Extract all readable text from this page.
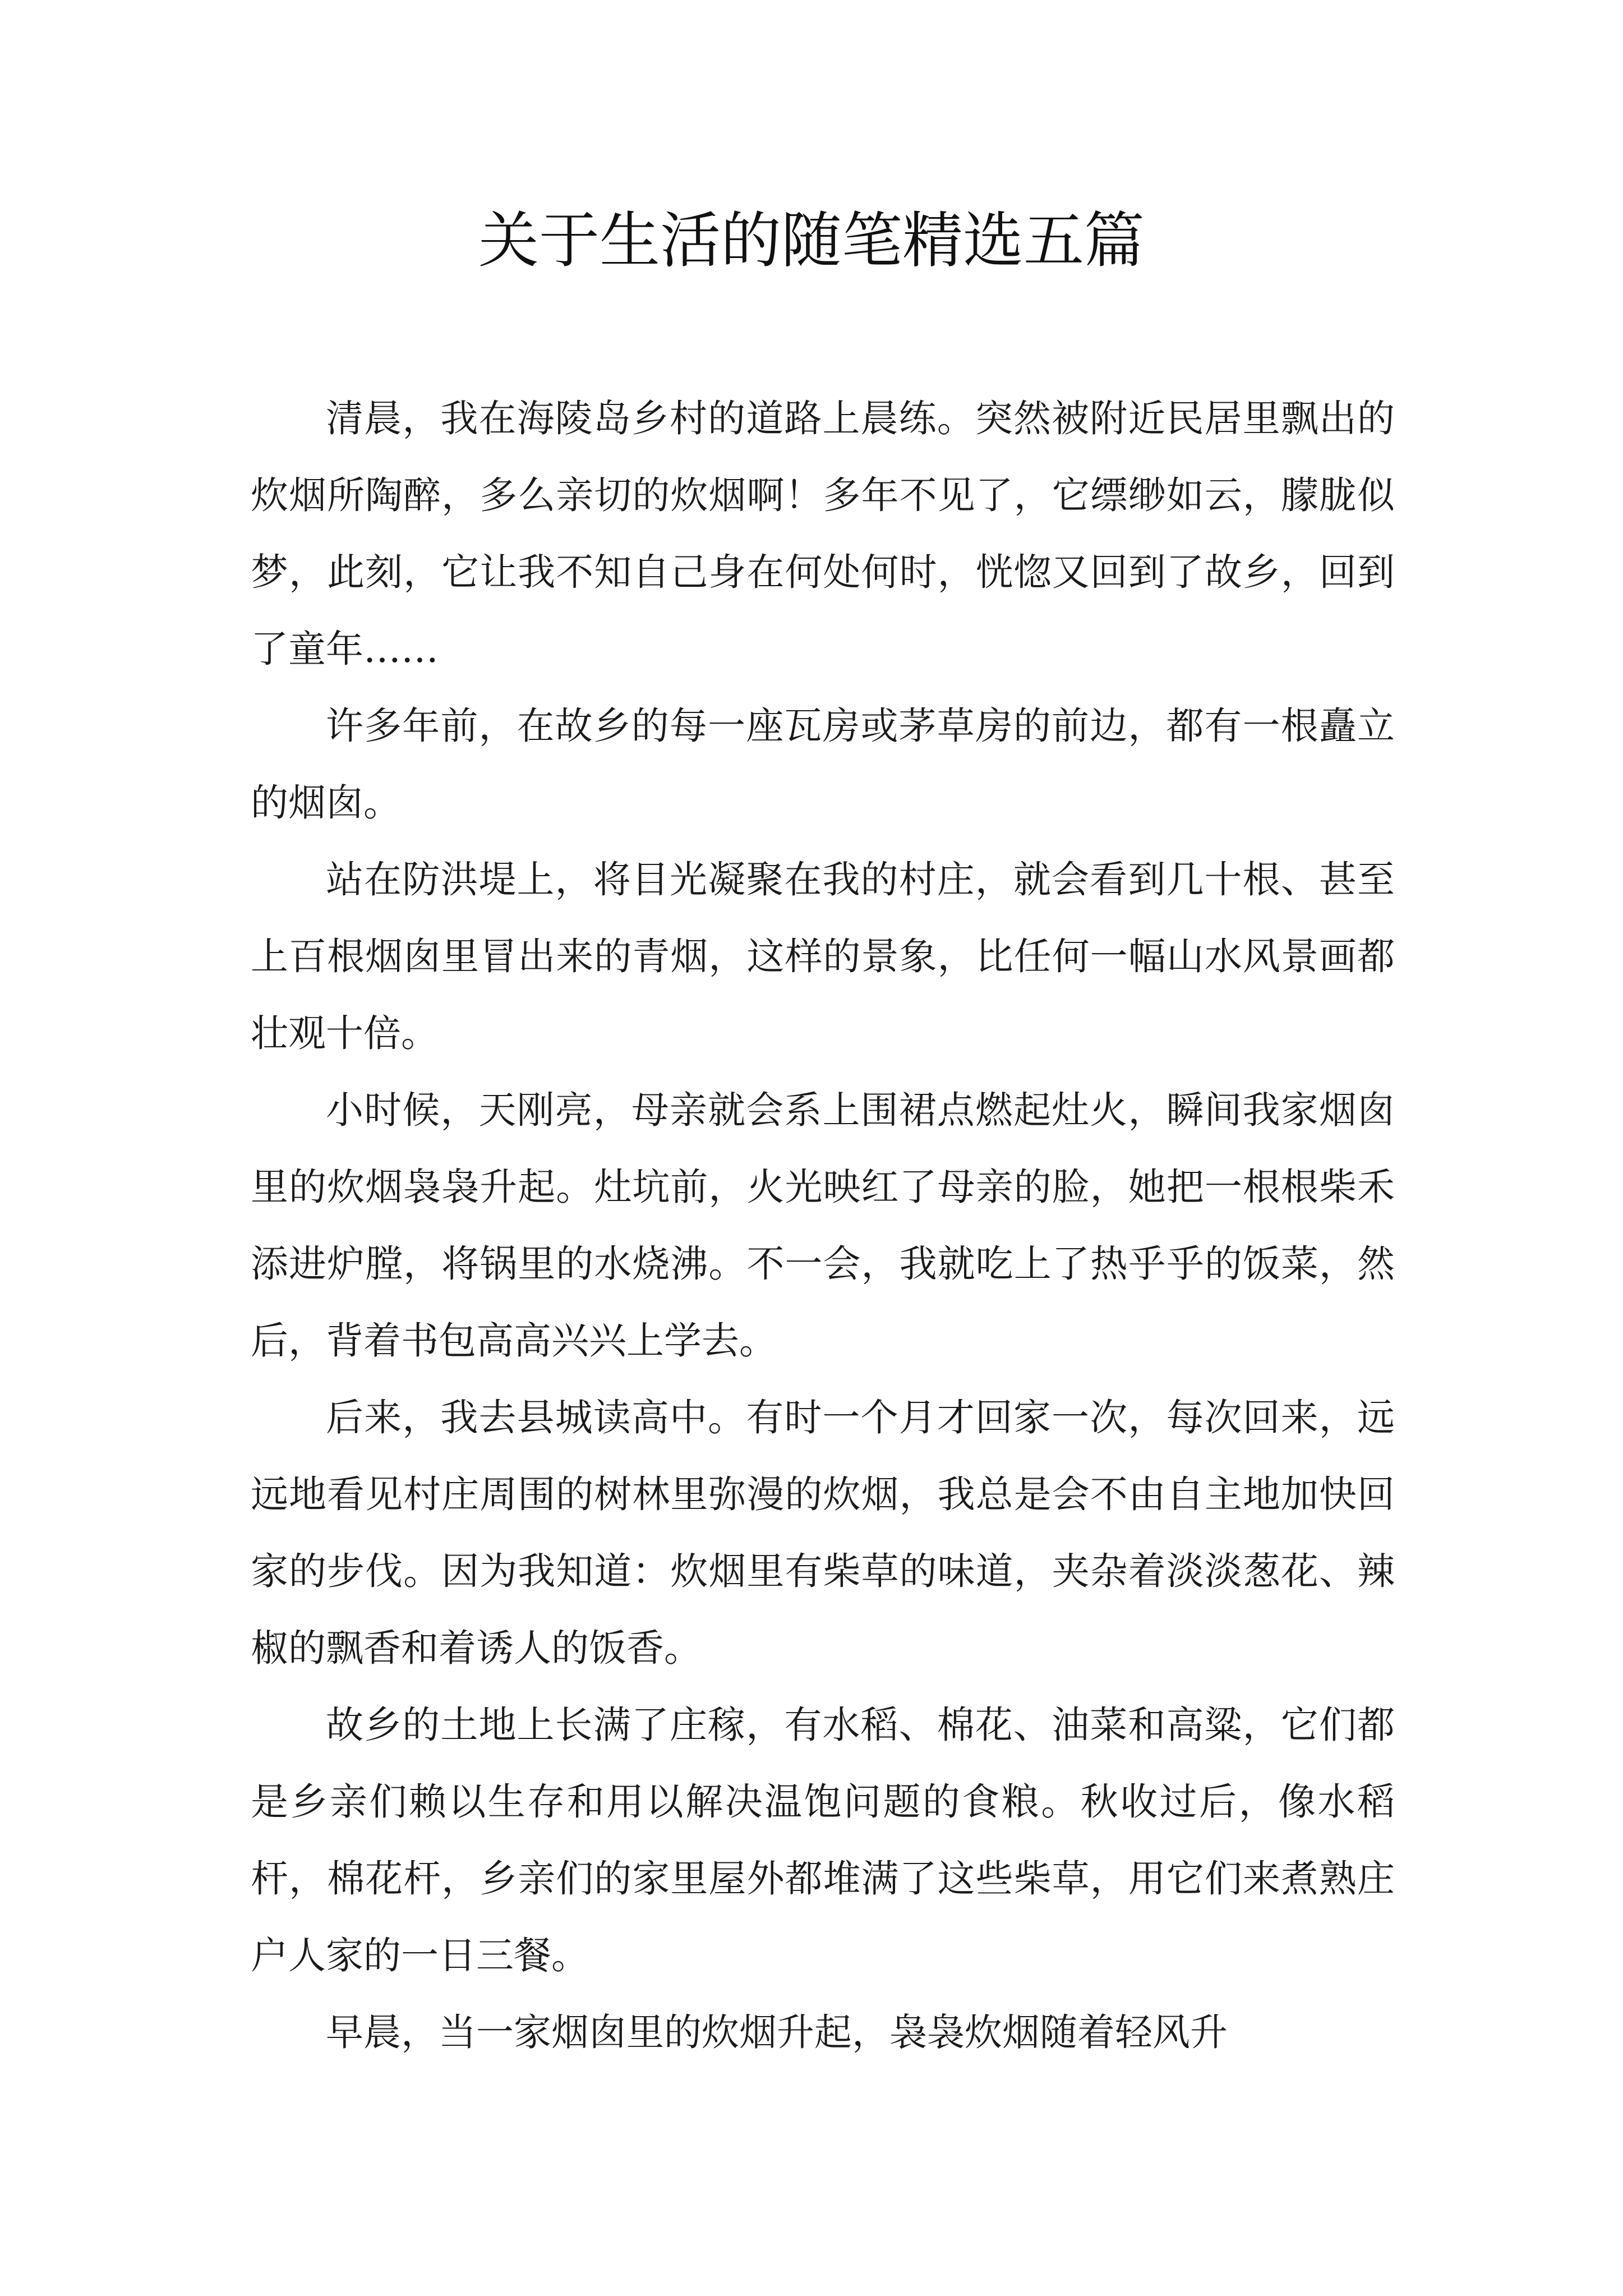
关于生活的随笔精选五篇

清晨，我在海陵岛乡村的道路上晨练。突然被附近民居里飘出的炊烟所陶醉，多么亲切的炊烟啊！多年不见了，它缥缈如云，朦胧似梦，此刻，它让我不知自己身在何处何时，恍惚又回到了故乡，回到了童年……

许多年前，在故乡的每一座瓦房或茅草房的前边，都有一根矗立的烟囱。

站在防洪堤上，将目光凝聚在我的村庄，就会看到几十根、甚至上百根烟囱里冒出来的青烟，这样的景象，比任何一幅山水风景画都壮观十倍。

小时候，天刚亮，母亲就会系上围裙点燃起灶火，瞬间我家烟囱里的炊烟袅袅升起。灶坑前，火光映红了母亲的脸，她把一根根柴禾添进炉膛，将锅里的水烧沸。不一会，我就吃上了热乎乎的饭菜，然后，背着书包高高兴兴上学去。

后来，我去县城读高中。有时一个月才回家一次，每次回来，远远地看见村庄周围的树林里弥漫的炊烟，我总是会不由自主地加快回家的步伐。因为我知道：炊烟里有柴草的味道，夹杂着淡淡葱花、辣椒的飘香和着诱人的饭香。

故乡的土地上长满了庄稼，有水稻、棉花、油菜和高粱，它们都是乡亲们赖以生存和用以解决温饱问题的食粮。秋收过后，像水稻杆，棉花杆，乡亲们的家里屋外都堆满了这些柴草，用它们来煮熟庄户人家的一日三餐。

早晨，当一家烟囱里的炊烟升起，袅袅炊烟随着轻风升
